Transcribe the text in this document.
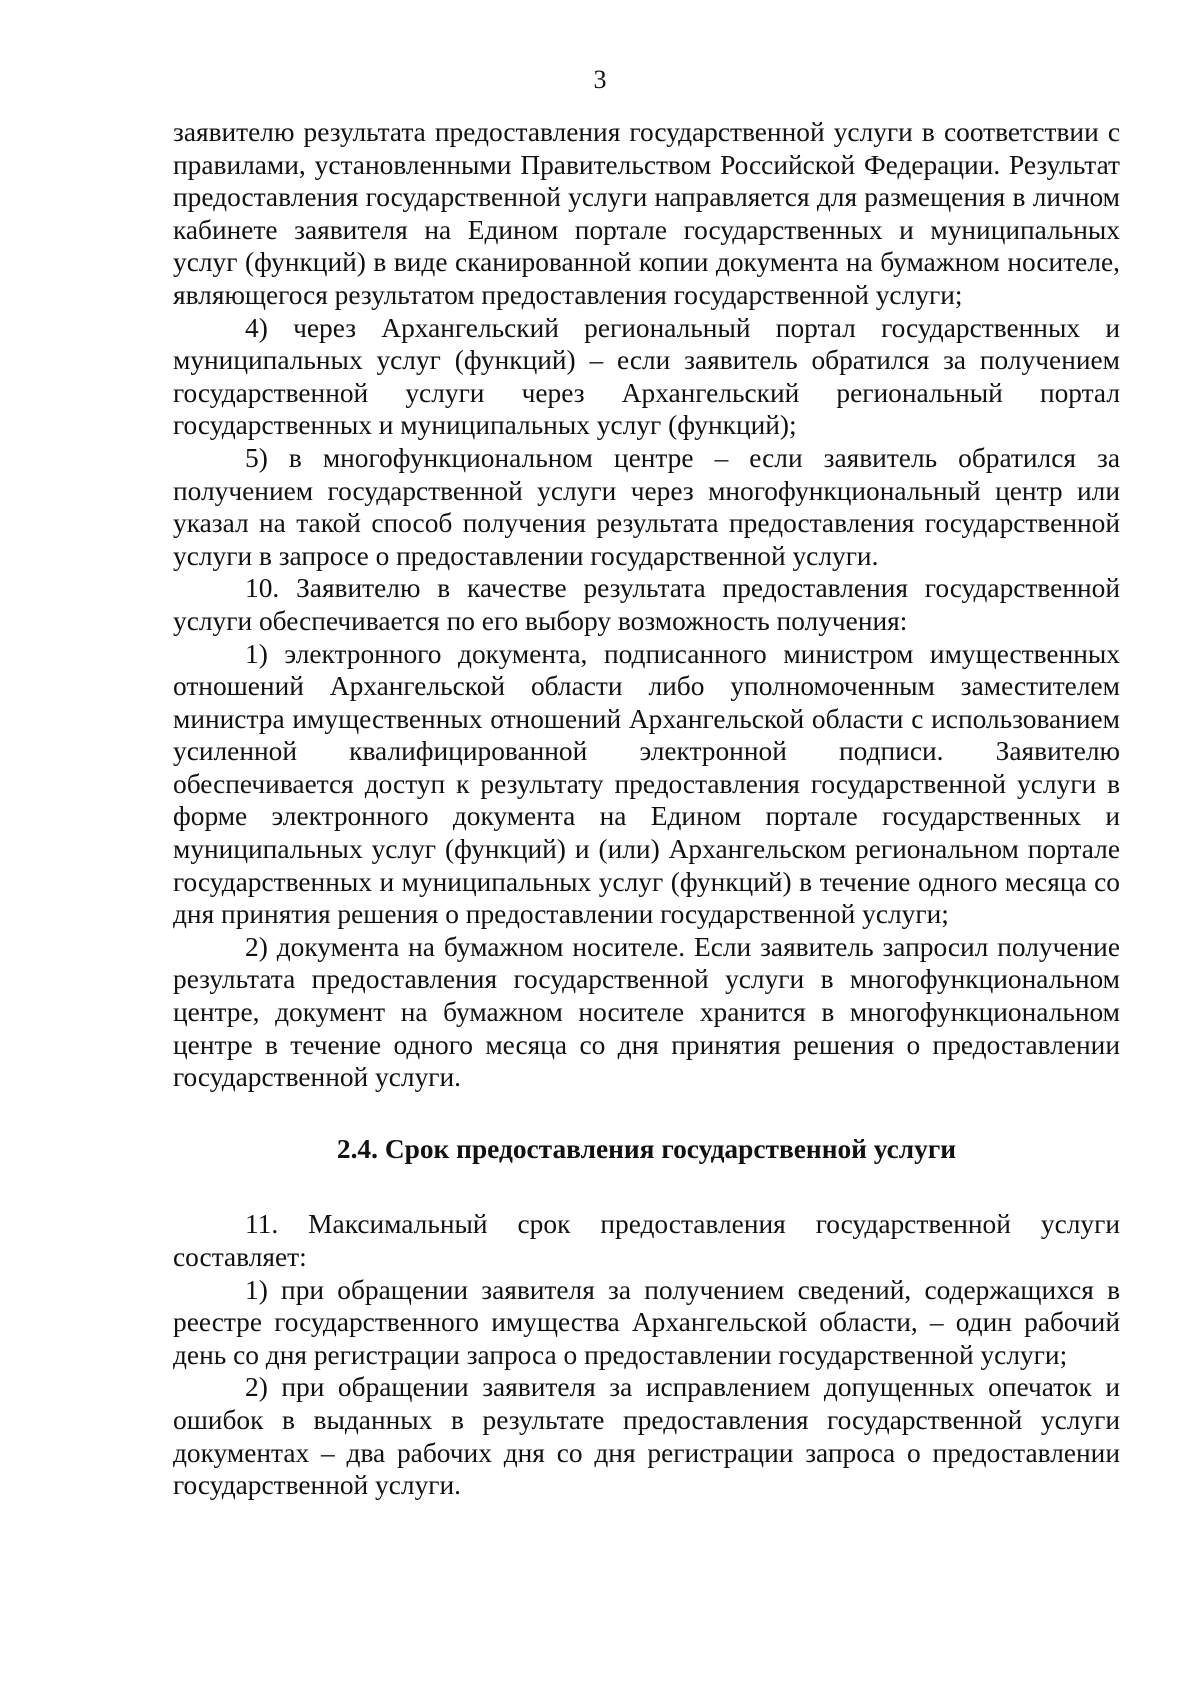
3

заявителю результата предоставления государственной услуги в соответствии с правилами, установленными Правительством Российской Федерации. Результат предоставления государственной услуги направляется для размещения в личном кабинете заявителя на Едином портале государственных и муниципальных услуг (функций) в виде сканированной копии документа на бумажном носителе, являющегося результатом предоставления государственной услуги;

4) через Архангельский региональный портал государственных и муниципальных услуг (функций) – если заявитель обратился за получением государственной услуги через Архангельский региональный портал государственных и муниципальных услуг (функций);

5) в многофункциональном центре – если заявитель обратился за получением государственной услуги через многофункциональный центр или указал на такой способ получения результата предоставления государственной услуги в запросе о предоставлении государственной услуги.

10. Заявителю в качестве результата предоставления государственной услуги обеспечивается по его выбору возможность получения:

1) электронного документа, подписанного министром имущественных отношений Архангельской области либо уполномоченным заместителем министра имущественных отношений Архангельской области с использованием усиленной квалифицированной электронной подписи. Заявителю обеспечивается доступ к результату предоставления государственной услуги в форме электронного документа на Едином портале государственных и муниципальных услуг (функций) и (или) Архангельском региональном портале государственных и муниципальных услуг (функций) в течение одного месяца со дня принятия решения о предоставлении государственной услуги;

2) документа на бумажном носителе. Если заявитель запросил получение результата предоставления государственной услуги в многофункциональном центре, документ на бумажном носителе хранится в многофункциональном центре в течение одного месяца со дня принятия решения о предоставлении государственной услуги.

2.4. Срок предоставления государственной услуги

11. Максимальный срок предоставления государственной услуги составляет:

1) при обращении заявителя за получением сведений, содержащихся в реестре государственного имущества Архангельской области, – один рабочий день со дня регистрации запроса о предоставлении государственной услуги;

2) при обращении заявителя за исправлением допущенных опечаток и ошибок в выданных в результате предоставления государственной услуги документах – два рабочих дня со дня регистрации запроса о предоставлении государственной услуги.
